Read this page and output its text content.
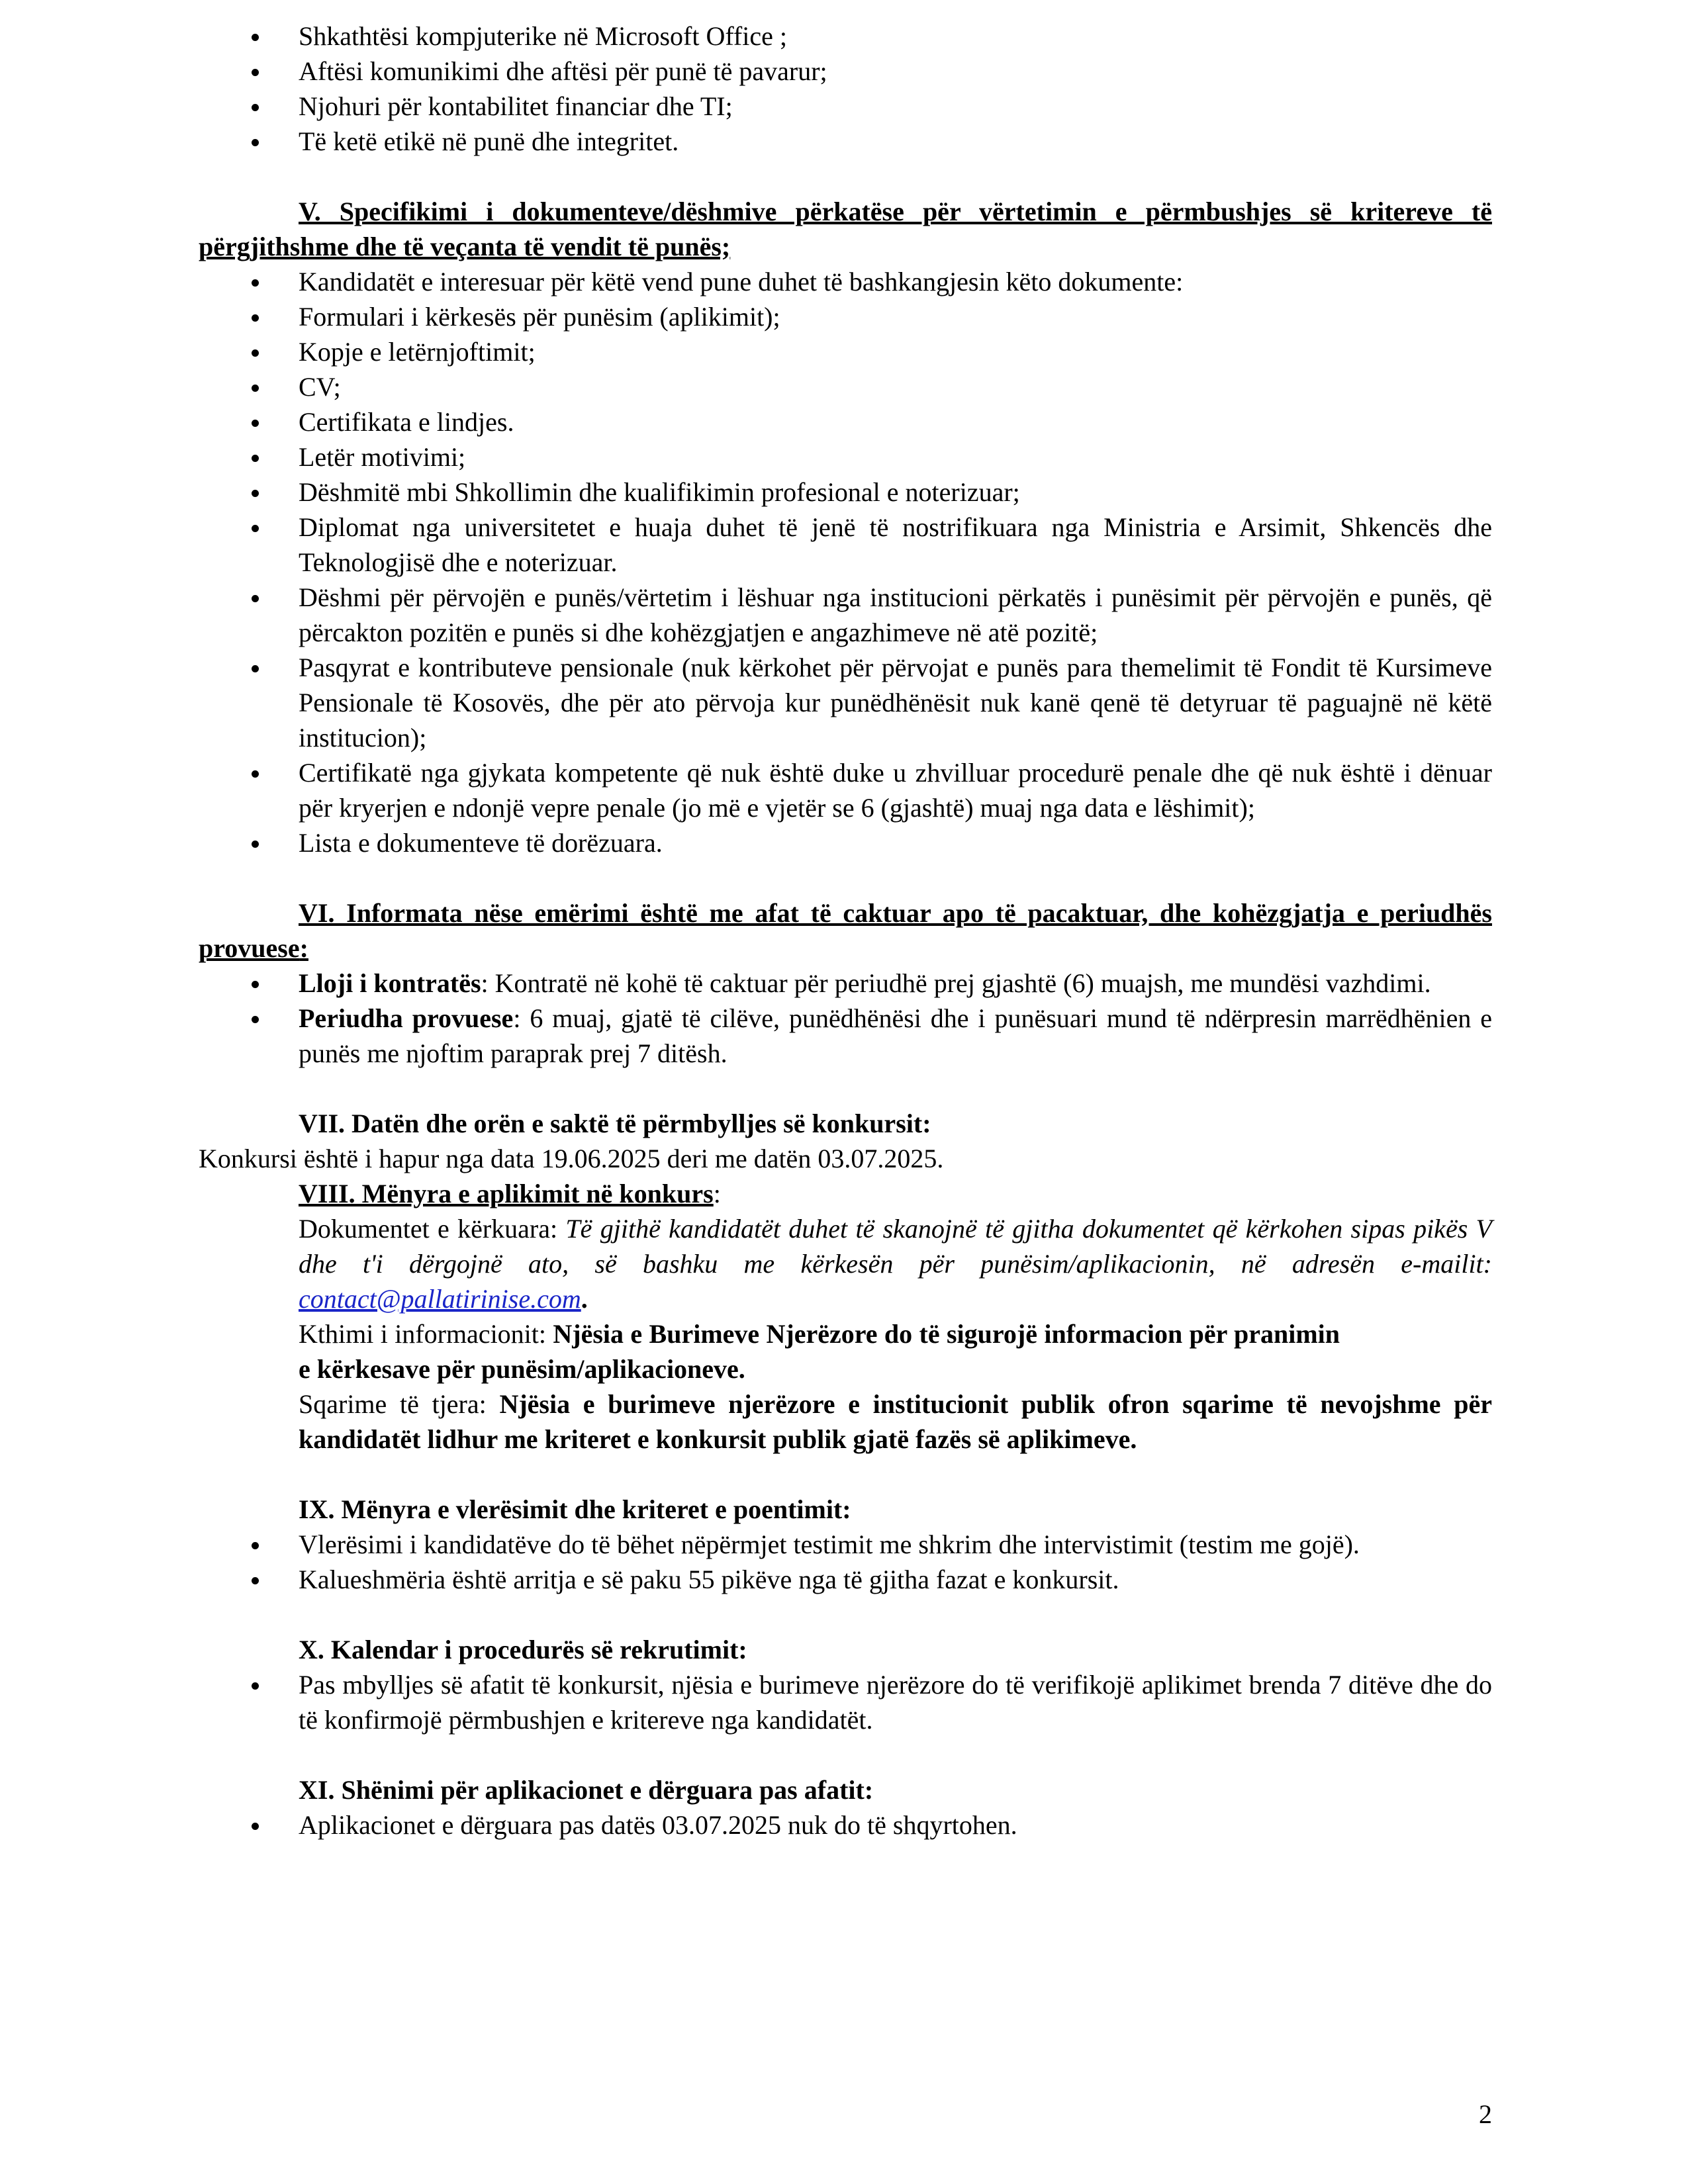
Shkathtësi kompjuterike në Microsoft Office ;
Aftësi komunikimi dhe aftësi për punë të pavarur;
Njohuri për kontabilitet financiar dhe TI;
Të ketë etikë në punë dhe integritet.

V. Specifikimi i dokumenteve/dëshmive përkatëse për vërtetimin e përmbushjes së kritereve të përgjithshme dhe të veçanta të vendit të punës;

Kandidatët e interesuar për këtë vend pune duhet të bashkangjesin këto dokumente:
Formulari i kërkesës për punësim (aplikimit);
Kopje e letërnjoftimit;
CV;
Certifikata e lindjes.
Letër motivimi;
Dëshmitë mbi Shkollimin dhe kualifikimin profesional e noterizuar;
Diplomat nga universitetet e huaja duhet të jenë të nostrifikuara nga Ministria e Arsimit, Shkencës dhe Teknologjisë dhe e noterizuar.
Dëshmi për përvojën e punës/vërtetim i lëshuar nga institucioni përkatës i punësimit për përvojën e punës, që përcakton pozitën e punës si dhe kohëzgjatjen e angazhimeve në atë pozitë;
Pasqyrat e kontributeve pensionale (nuk kërkohet për përvojat e punës para themelimit të Fondit të Kursimeve Pensionale të Kosovës, dhe për ato përvoja kur punëdhënësit nuk kanë qenë të detyruar të paguajnë në këtë institucion);
Certifikatë nga gjykata kompetente që nuk është duke u zhvilluar procedurë penale dhe që nuk është i dënuar për kryerjen e ndonjë vepre penale (jo më e vjetër se 6 (gjashtë) muaj nga data e lëshimit);
Lista e dokumenteve të dorëzuara.

VI. Informata nëse emërimi është me afat të caktuar apo të pacaktuar, dhe kohëzgjatja e periudhës provuese:

Lloji i kontratës: Kontratë në kohë të caktuar për periudhë prej gjashtë (6) muajsh, me mundësi vazhdimi.
Periudha provuese: 6 muaj, gjatë të cilëve, punëdhënësi dhe i punësuari mund të ndërpresin marrëdhënien e punës me njoftim paraprak prej 7 ditësh.

VII. Datën dhe orën e saktë të përmbylljes së konkursit:

Konkursi është i hapur nga data 19.06.2025 deri me datën 03.07.2025.

VIII. Mënyra e aplikimit në konkurs:

Dokumentet e kërkuara: Të gjithë kandidatët duhet të skanojnë të gjitha dokumentet që kërkohen sipas pikës V dhe t'i dërgojnë ato, së bashku me kërkesën për punësim/aplikacionin, në adresën e-mailit: contact@pallatirinise.com.

Kthimi i informacionit: Njësia e Burimeve Njerëzore do të sigurojë informacion për pranimin e kërkesave për punësim/aplikacioneve.

Sqarime të tjera: Njësia e burimeve njerëzore e institucionit publik ofron sqarime të nevojshme për kandidatët lidhur me kriteret e konkursit publik gjatë fazës së aplikimeve.

IX. Mënyra e vlerësimit dhe kriteret e poentimit:

Vlerësimi i kandidatëve do të bëhet nëpërmjet testimit me shkrim dhe intervistimit (testim me gojë).
Kalueshmëria është arritja e së paku 55 pikëve nga të gjitha fazat e konkursit.

X. Kalendar i procedurës së rekrutimit:

Pas mbylljes së afatit të konkursit, njësia e burimeve njerëzore do të verifikojë aplikimet brenda 7 ditëve dhe do të konfirmojë përmbushjen e kritereve nga kandidatët.

XI. Shënimi për aplikacionet e dërguara pas afatit:

Aplikacionet e dërguara pas datës 03.07.2025 nuk do të shqyrtohen.
2
